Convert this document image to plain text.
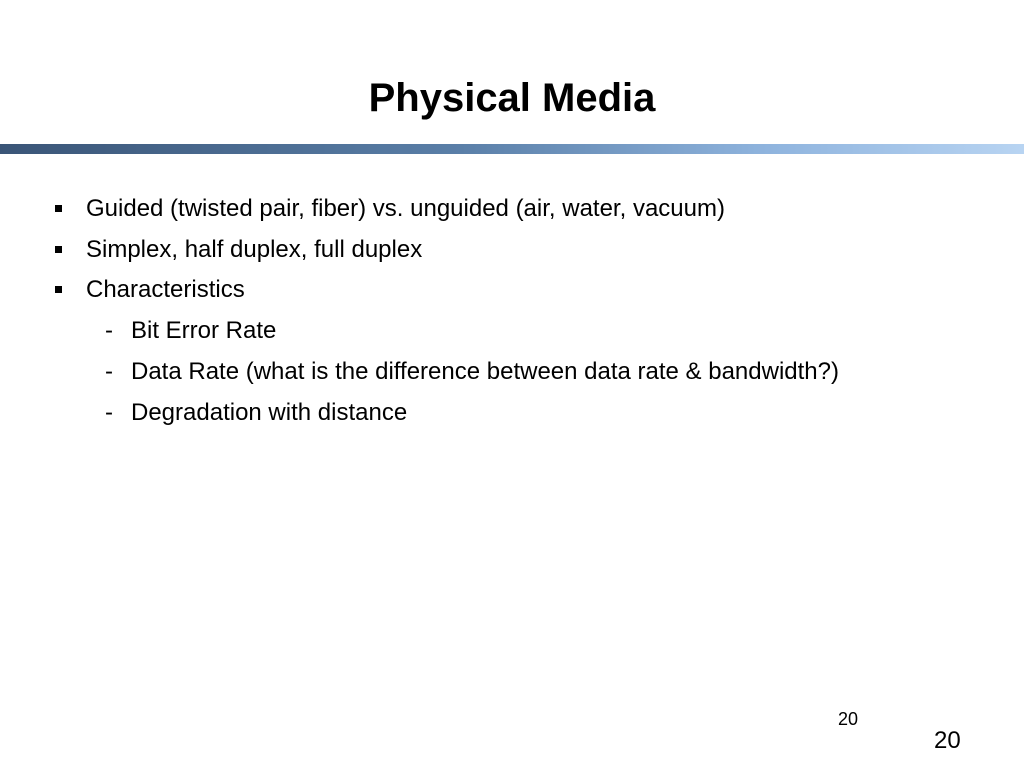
Physical Media
Guided (twisted pair, fiber) vs. unguided (air, water, vacuum)
Simplex, half duplex, full duplex
Characteristics
- Bit Error Rate
- Data Rate (what is the difference between data rate & bandwidth?)
- Degradation with distance
20
20
